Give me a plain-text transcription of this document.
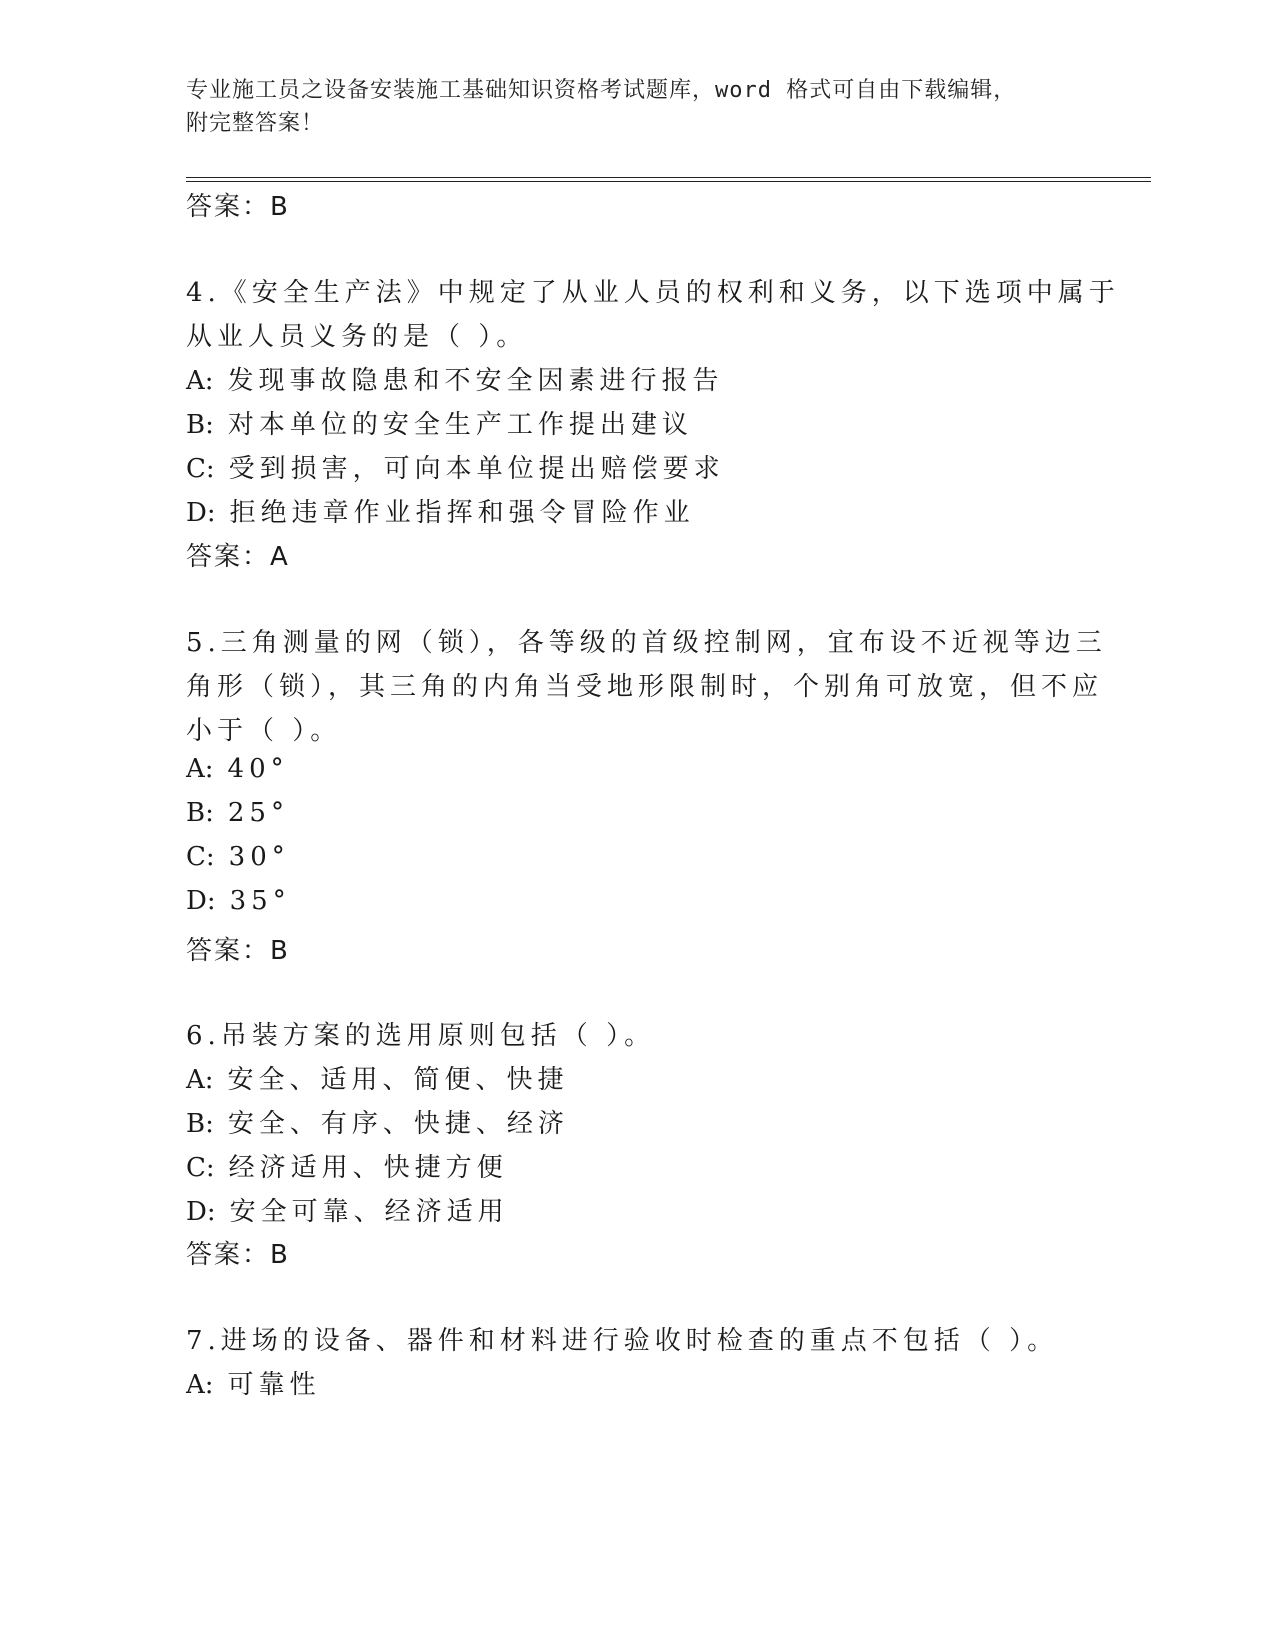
专业施工员之设备安装施工基础知识资格考试题库，word 格式可自由下载编辑，
附完整答案！
答案：B
4.《安全生产法》中规定了从业人员的权利和义务，以下选项中属于
从业人员义务的是（ ）。
A: 发现事故隐患和不安全因素进行报告
B: 对本单位的安全生产工作提出建议
C: 受到损害，可向本单位提出赔偿要求
D: 拒绝违章作业指挥和强令冒险作业
答案：A
5.三角测量的网（锁），各等级的首级控制网，宜布设不近视等边三
角形（锁），其三角的内角当受地形限制时，个别角可放宽，但不应
小于（ ）。
A: 40°
B: 25°
C: 30°
D: 35°
答案：B
6.吊装方案的选用原则包括（ ）。
A: 安全、适用、简便、快捷
B: 安全、有序、快捷、经济
C: 经济适用、快捷方便
D: 安全可靠、经济适用
答案：B
7.进场的设备、器件和材料进行验收时检查的重点不包括（ ）。
A: 可靠性
